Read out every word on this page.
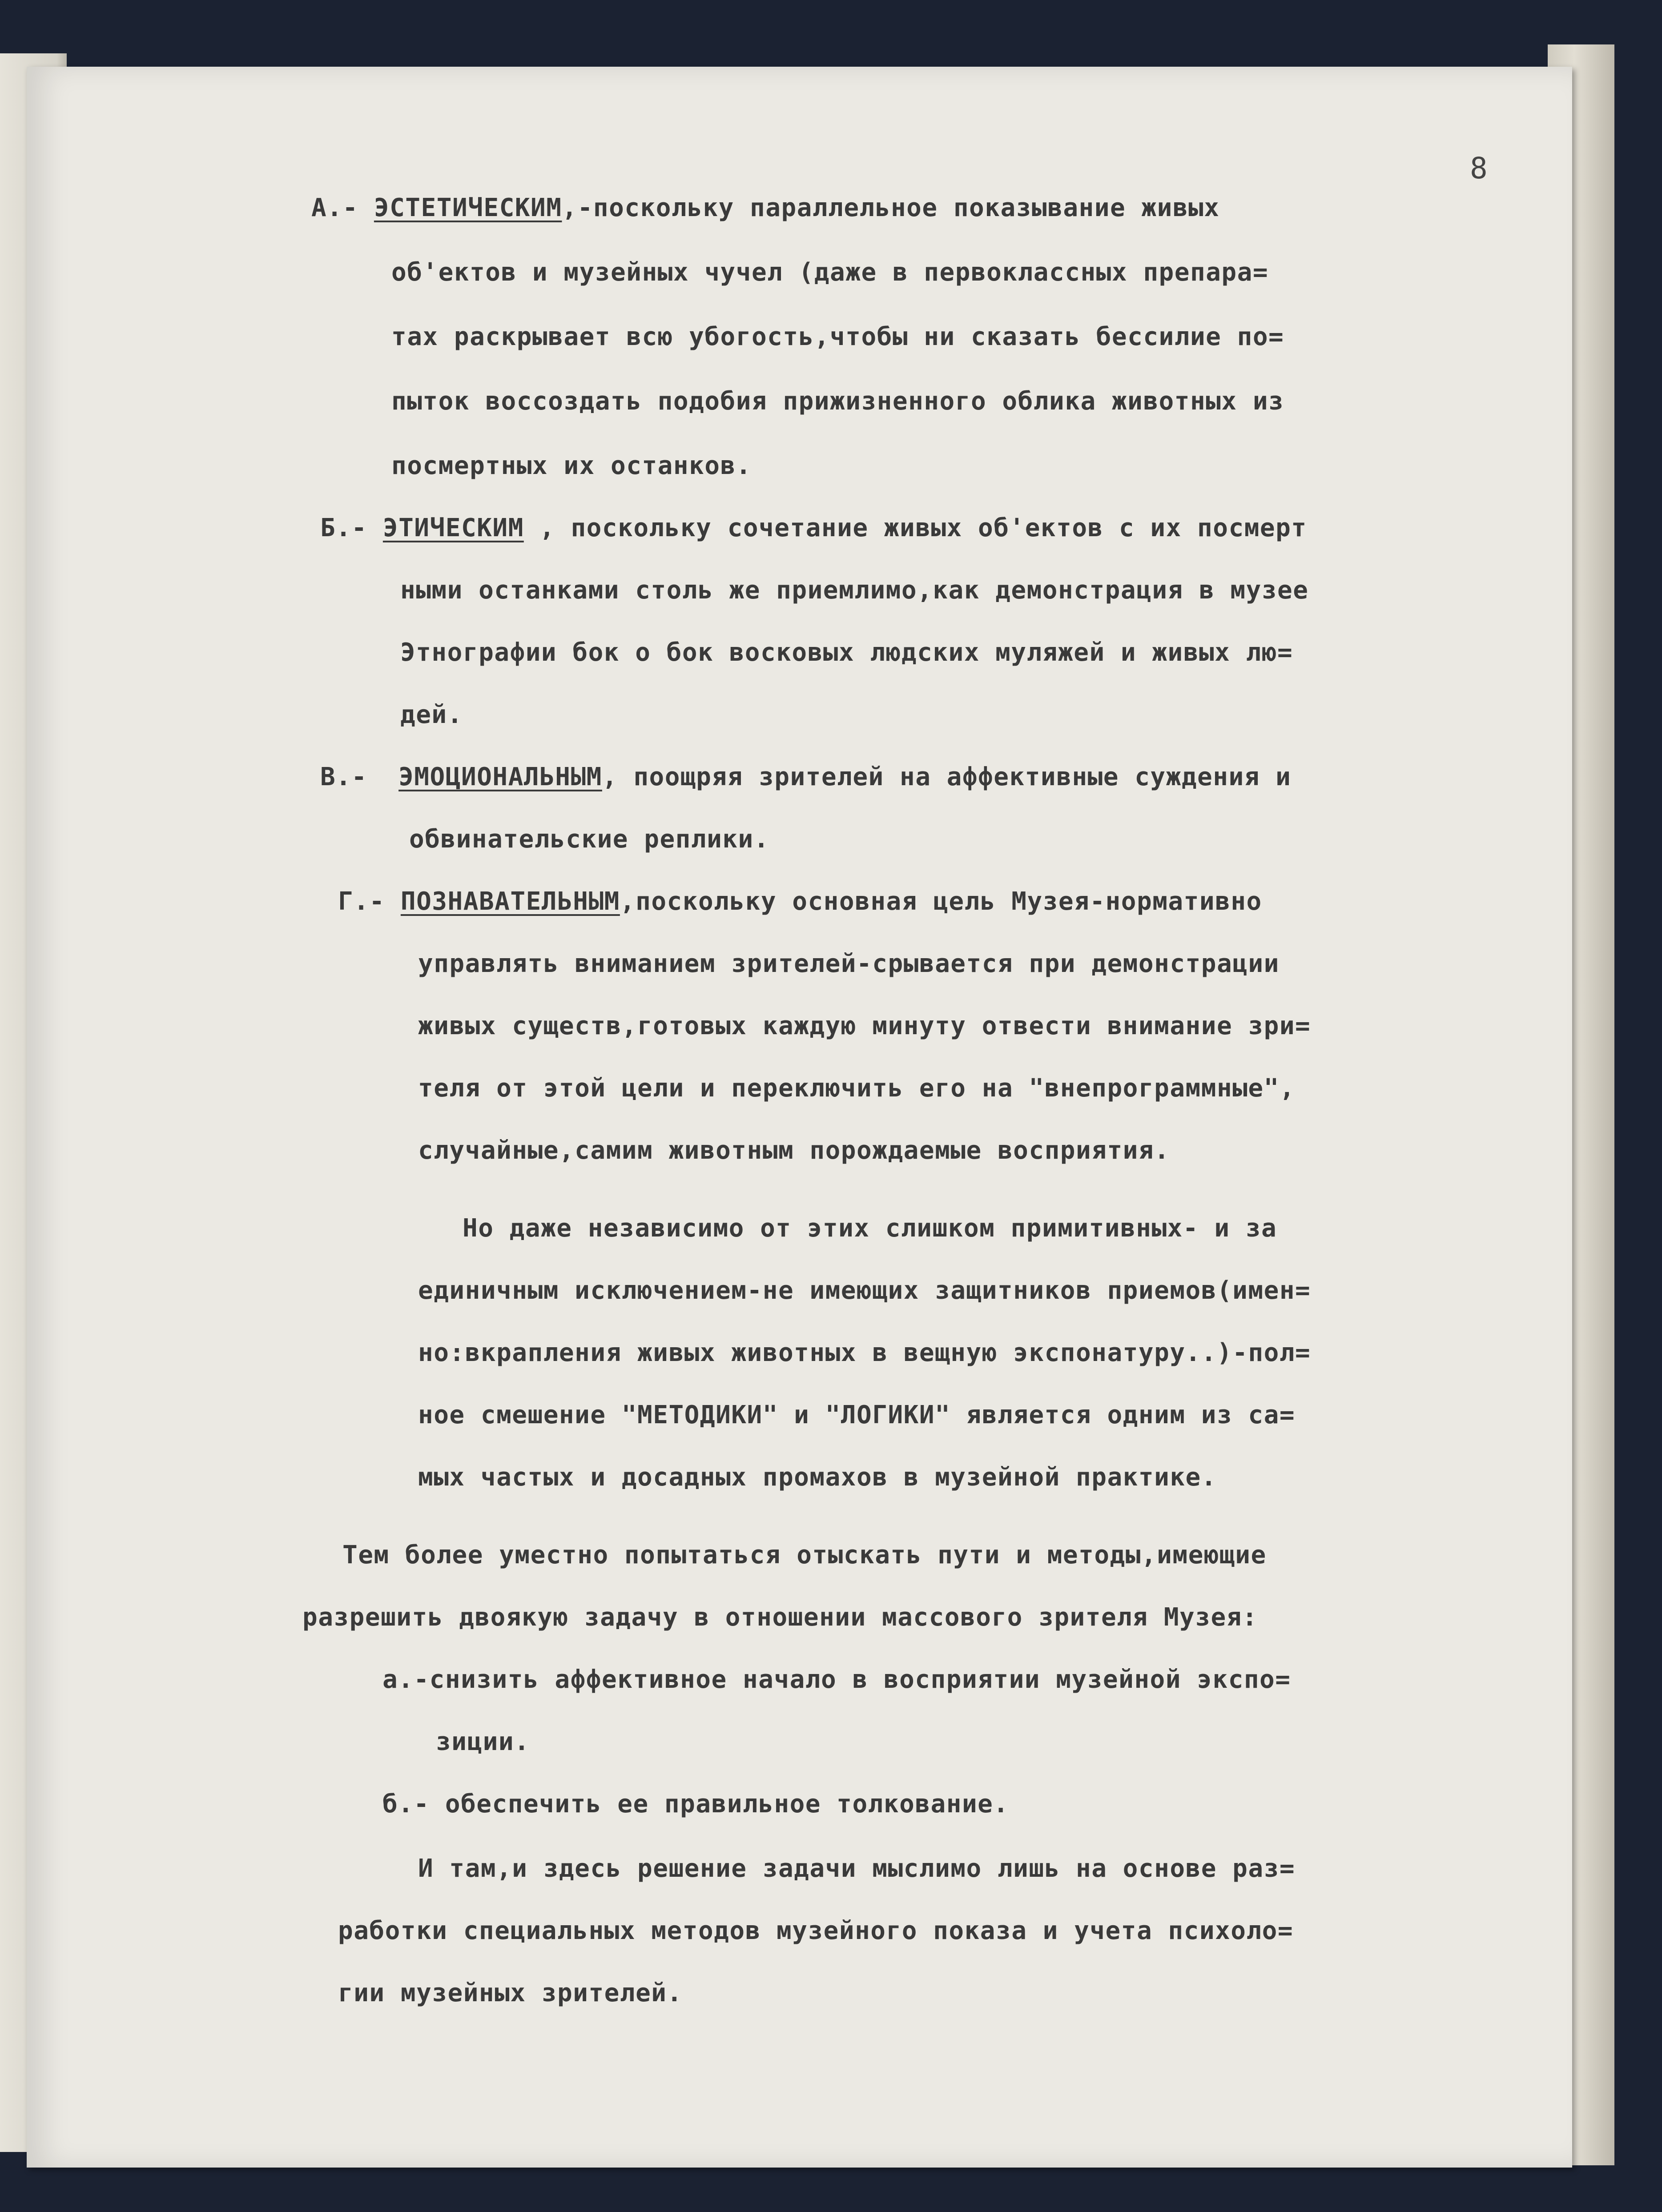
8
А.- ЭСТЕТИЧЕСКИМ,-поскольку параллельное показывание живых
об'ектов и музейных чучел (даже в первоклассных препара=
тах раскрывает всю убогость,чтобы ни сказать бессилие по=
пыток воссоздать подобия прижизненного облика животных из
посмертных их останков.
Б.- ЭТИЧЕСКИМ , поскольку сочетание живых об'ектов с их посмерт
ными останками столь же приемлимо,как демонстрация в музее
Этнографии бок о бок восковых людских муляжей и живых лю=
дей.
В.- ЭМОЦИОНАЛЬНЫМ, поощряя зрителей на аффективные суждения и
обвинательские реплики.
Г.- ПОЗНАВАТЕЛЬНЫМ,поскольку основная цель Музея-нормативно
управлять вниманием зрителей-срывается при демонстрации
живых существ,готовых каждую минуту отвести внимание зри=
теля от этой цели и переключить его на "внепрограммные",
случайные,самим животным порождаемые восприятия.
Но даже независимо от этих слишком примитивных- и за
единичным исключением-не имеющих защитников приемов(имен=
но:вкрапления живых животных в вещную экспонатуру..)-пол=
ное смешение "МЕТОДИКИ" и "ЛОГИКИ" является одним из са=
мых частых и досадных промахов в музейной практике.
Тем более уместно попытаться отыскать пути и методы,имеющие
разрешить двоякую задачу в отношении массового зрителя Музея:
а.-снизить аффективное начало в восприятии музейной экспо=
зиции.
б.- обеспечить ее правильное толкование.
И там,и здесь решение задачи мыслимо лишь на основе раз=
работки специальных методов музейного показа и учета психоло=
гии музейных зрителей.
